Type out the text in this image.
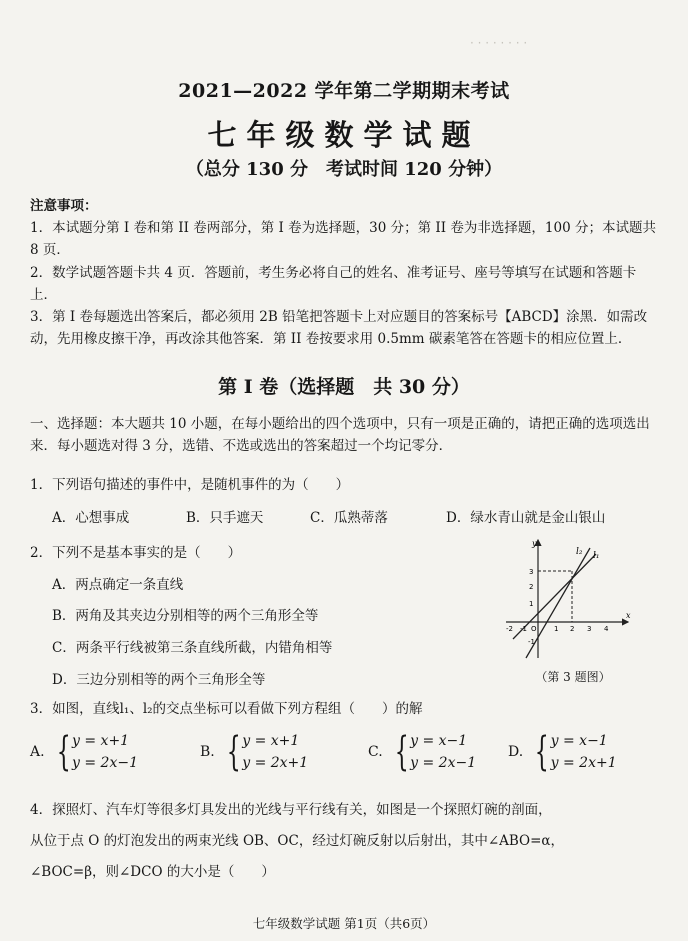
· · · · · · · ·
2021—2022 学年第二学期期末考试
七年级数学试题
（总分 130 分　考试时间 120 分钟）
注意事项：
1．本试题分第 I 卷和第 II 卷两部分，第 I 卷为选择题，30 分；第 II 卷为非选择题，100 分；本试题共 8 页．
2．数学试题答题卡共 4 页．答题前，考生务必将自己的姓名、准考证号、座号等填写在试题和答题卡上．
3．第 I 卷每题选出答案后，都必须用 2B 铅笔把答题卡上对应题目的答案标号【ABCD】涂黑．如需改动，先用橡皮擦干净，再改涂其他答案．第 II 卷按要求用 0.5mm 碳素笔答在答题卡的相应位置上．
第 I 卷（选择题　共 30 分）
一、选择题：本大题共 10 小题，在每小题给出的四个选项中，只有一项是正确的，请把正确的选项选出来．每小题选对得 3 分，选错、不选或选出的答案超过一个均记零分．
1．下列语句描述的事件中，是随机事件的为（　　）
A．心想事成	B．只手遮天	C．瓜熟蒂落	D．绿水青山就是金山银山
2．下列不是基本事实的是（　　）
A．两点确定一条直线
B．两角及其夹边分别相等的两个三角形全等
C．两条平行线被第三条直线所截，内错角相等
D．三边分别相等的两个三角形全等
l₂ l₁
y
x
3
2
1
O 1 2 3 4
-2 -1
-1
（第 3 题图）
3．如图，直线l₁、l₂的交点坐标可以看做下列方程组（　　）的解
A. { y = x+1
y = 2x−1
B. { y = x+1
y = 2x+1
C. { y = x−1
y = 2x−1
D. { y = x−1
y = 2x+1
4．探照灯、汽车灯等很多灯具发出的光线与平行线有关，如图是一个探照灯碗的剖面，
从位于点 O 的灯泡发出的两束光线 OB、OC，经过灯碗反射以后射出，其中∠ABO=α，
∠BOC=β，则∠DCO 的大小是（　　）
七年级数学试题 第1页（共6页）
